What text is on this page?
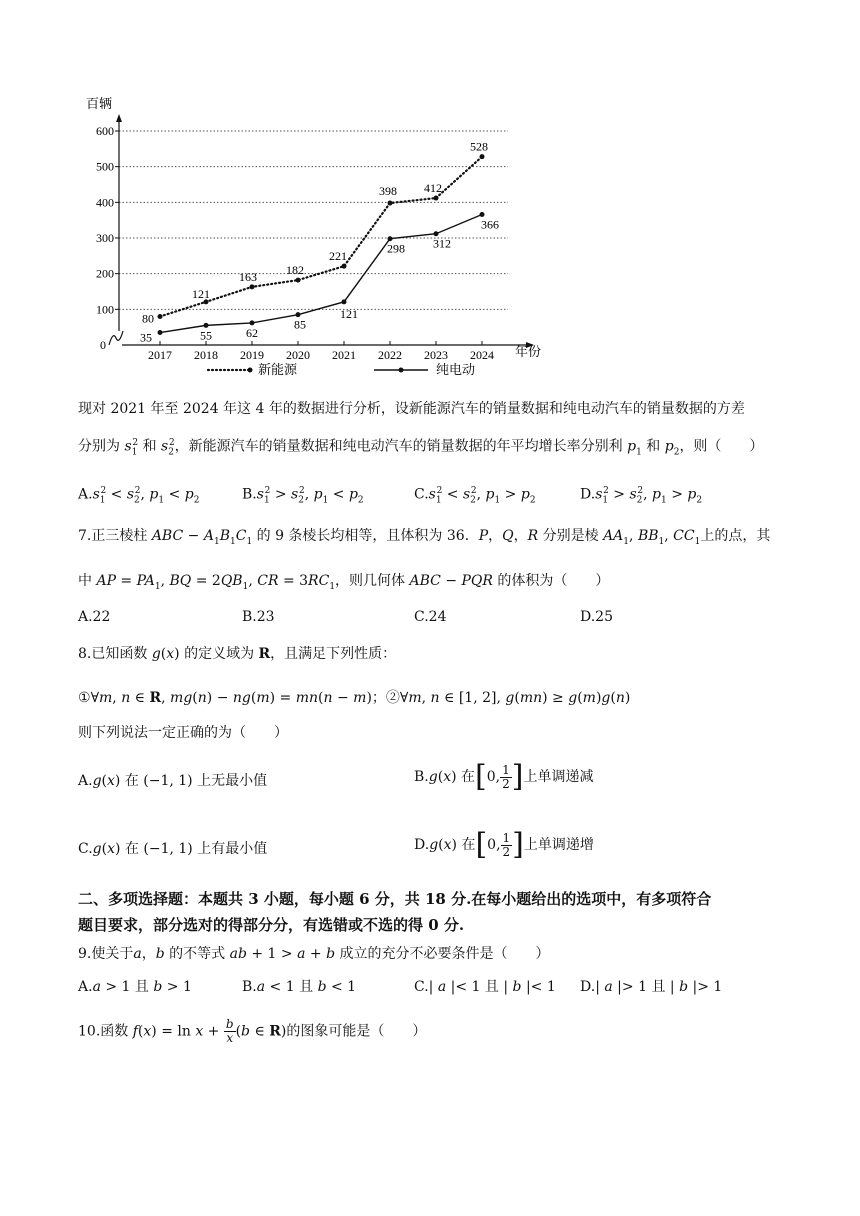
0
100
200
300
400
500
600
2017 2018 2019 2020 2021 2022 2023 2024
80
121
163 182
221
398 412
528
35	55	62
85
121
298 312
366
新能源	纯电动
百辆
年份
现对 2021 年至 2024 年这 4 年的数据进行分析，设新能源汽车的销量数据和纯电动汽车的销量数据的方差
分别为 $s_1^2$ 和 $s_2^2$，新能源汽车的销量数据和纯电动汽车的销量数据的年平均增长率分别利 $p_1$ 和 $p_2$，则（　　）
$A.s_1^2 < s_2^2$, $p_1 < p_2$	$B.s_1^2 > s_2^2$, $p_1 < p_2$	$C.s_1^2 < s_2^2$, $p_1 > p_2$	$D.s_1^2 > s_2^2$, $p_1 > p_2$
7.正三棱柱 ABC − $A_1B_1C_1$ 的 9 条棱长均相等，且体积为 36．P，Q，R 分别是棱 $AA_1$, $BB_1$, $CC_1$上的点，其
中 AP = $PA_1$, BQ = $2QB_1$, CR = $3RC_1$，则几何体 ABC − PQR 的体积为（　　）
A.22	B.23	C.24	D.25
8.已知函数 g(x) 的定义域为 R，且满足下列性质：
①∀m, n ∈ R, mg(n) − ng(m) = mn(n − m)；②∀m, n ∈ [1, 2], g(mn) ≥ g(m)g(n)
则下列说法一定正确的为（　　）
A.g(x) 在 (−1, 1) 上无最小值	B.g(x) 在[0, $\frac{1}{2}$ ]上单调递减
C.g(x) 在 (−1, 1) 上有最小值	D.g(x) 在[0, $\frac{1}{2}$ ]上单调递增
二、多项选择题：本题共 3 小题，每小题 6 分，共 18 分.在每小题给出的选项中，有多项符合
题目要求，部分选对的得部分分，有选错或不选的得 0 分.
9.使关于a，b 的不等式 ab + 1 > a + b 成立的充分不必要条件是（　　）
A.a > 1 且 b > 1	B.a < 1 且 b < 1	C.| a |< 1 且 | b |< 1 D.| a |> 1 且 | b |> 1
10.函数 $f(x) = \ln x + \frac{b}{x} (b$ ∈ R)的图象可能是（　　）
